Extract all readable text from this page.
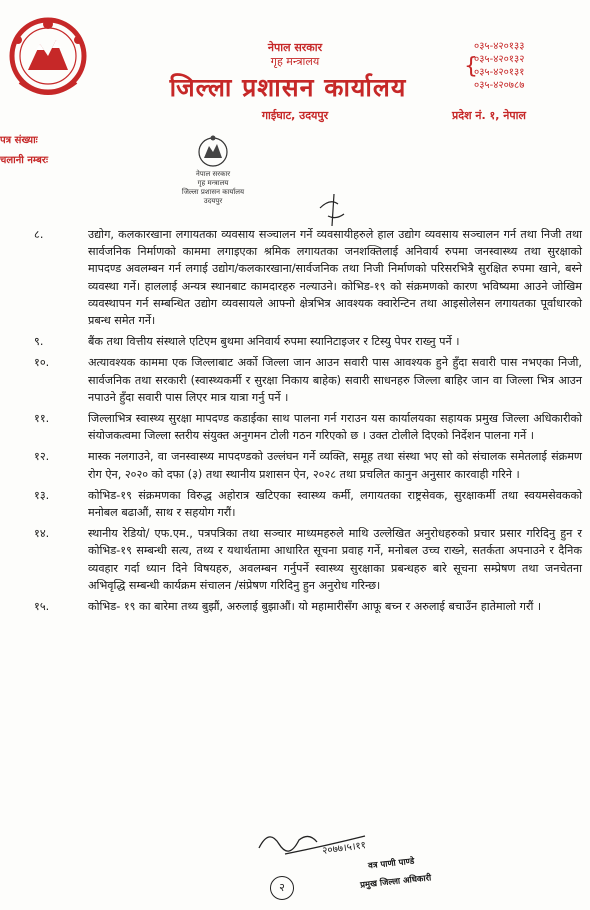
नेपाल सरकार
गृह मन्त्रालय
जिल्ला प्रशासन कार्यालय
गाईघाट, उदयपुर
{
०३५-४२०१३३
०३५-४२०१३२
०३५-४२०१३१
०३५-४२०७८७
प्रदेश नं. १, नेपाल
पत्र संख्याः
चलानी नम्बरः
नेपाल सरकार
गृह मन्त्रालय
जिल्ला प्रशासन कार्यालय
उदयपुर
८.	उद्योग, कलकारखाना लगायतका व्यवसाय सञ्चालन गर्ने व्यवसायीहरुले हाल उद्योग व्यवसाय सञ्चालन गर्न तथा निजी तथा सार्वजनिक निर्माणको काममा लगाइएका श्रमिक लगायतका जनशक्तिलाई अनिवार्य रुपमा जनस्वास्थ्य तथा सुरक्षाको मापदण्ड अवलम्बन गर्न लगाई उद्योग/कलकारखाना/सार्वजनिक तथा निजी निर्माणको परिसरभित्रै सुरक्षित रुपमा खाने, बस्ने व्यवस्था गर्ने। हाललाई अन्यत्र स्थानबाट कामदारहरु नल्याउने। कोभिड-१९ को संक्रमणको कारण भविष्यमा आउने जोखिम व्यवस्थापन गर्न सम्बन्धित उद्योग व्यवसायले आफ्नो क्षेत्रभित्र आवश्यक क्वारेन्टिन तथा आइसोलेसन लगायतका पूर्वाधारको प्रबन्ध समेत गर्ने।
९.	बैंक तथा वित्तीय संस्थाले एटिएम बुथमा अनिवार्य रुपमा स्यानिटाइजर र टिस्यु पेपर राख्नु पर्ने ।
१०.	अत्यावश्यक काममा एक जिल्लाबाट अर्को जिल्ला जान आउन सवारी पास आवश्यक हुने हुँदा सवारी पास नभएका निजी, सार्वजनिक तथा सरकारी (स्वास्थ्यकर्मी र सुरक्षा निकाय बाहेक) सवारी साधनहरु जिल्ला बाहिर जान वा जिल्ला भित्र आउन नपाउने हुँदा सवारी पास लिएर मात्र यात्रा गर्नु पर्ने ।
११.	जिल्लाभित्र स्वास्थ्य सुरक्षा मापदण्ड कडाईका साथ पालना गर्न गराउन यस कार्यालयका सहायक प्रमुख जिल्ला अधिकारीको संयोजकत्वमा जिल्ला स्तरीय संयुक्त अनुगमन टोली गठन गरिएको छ । उक्त टोलीले दिएको निर्देशन पालना गर्ने ।
१२.	मास्क नलगाउने, वा जनस्वास्थ्य मापदण्डको उल्लंघन गर्ने व्यक्ति, समूह तथा संस्था भए सो को संचालक समेतलाई संक्रमण रोग ऐन, २०२० को दफा (३) तथा स्थानीय प्रशासन ऐन, २०२८ तथा प्रचलित कानुन अनुसार कारवाही गरिने ।
१३.	कोभिड-१९ संक्रमणका विरुद्ध अहोरात्र खटिएका स्वास्थ्य कर्मी, लगायतका राष्ट्रसेवक, सुरक्षाकर्मी तथा स्वयमसेवकको मनोबल बढाऔं, साथ र सहयोग गरौं।
१४.	स्थानीय रेडियो/ एफ.एम., पत्रपत्रिका तथा सञ्चार माध्यमहरुले माथि उल्लेखित अनुरोधहरुको प्रचार प्रसार गरिदिनु हुन र कोभिड-१९ सम्बन्धी सत्य, तथ्य र यथार्थतामा आधारित सूचना प्रवाह गर्ने, मनोबल उच्च राख्ने, सतर्कता अपनाउने र दैनिक व्यवहार गर्दा ध्यान दिने विषयहरु, अवलम्बन गर्नुपर्ने स्वास्थ्य सुरक्षाका प्रबन्धहरु बारे सूचना सम्प्रेषण तथा जनचेतना अभिवृद्धि सम्बन्धी कार्यक्रम संचालन /संप्रेषण गरिदिनु हुन अनुरोध गरिन्छ।
१५.	कोभिड- १९ का बारेमा तथ्य बुझौं, अरुलाई बुझाऔं। यो महामारीसँग आफू बच्न र अरुलाई बचाउँन हातेमालो गरौं ।
२०७७।५।११
वत्र पाणी पाण्डे
प्रमुख जिल्ला अधिकारी
२
